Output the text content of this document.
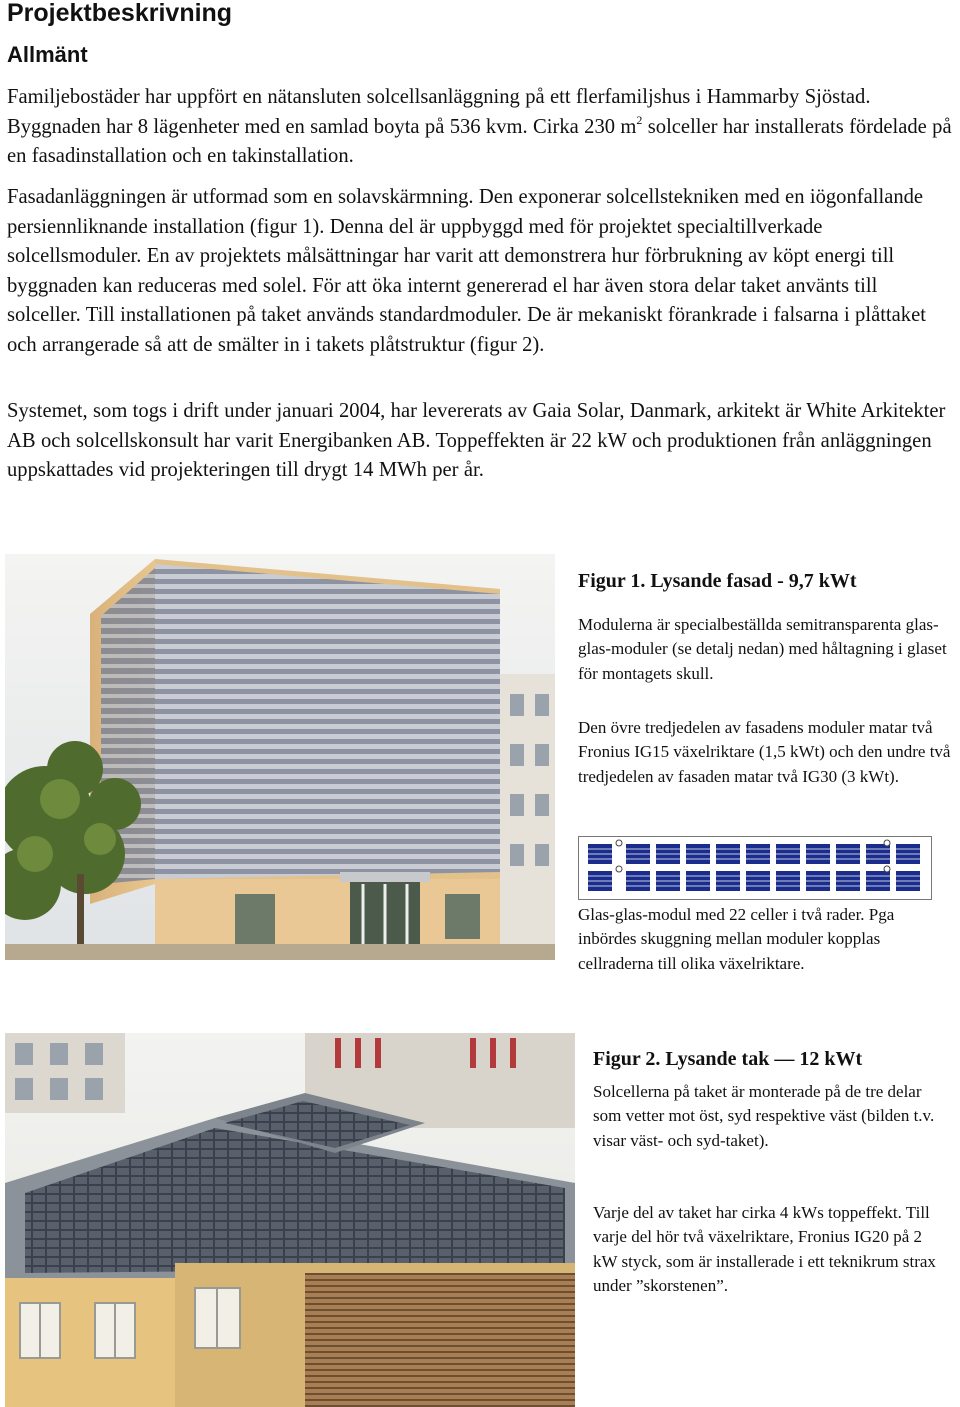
Projektbeskrivning
Allmänt

Familjebostäder har uppfört en nätansluten solcellsanläggning på ett flerfamiljshus i Hammarby Sjöstad. Byggnaden har 8 lägenheter med en samlad boyta på 536 kvm. Cirka 230 $m^2$ solceller har installerats fördelade på en fasadinstallation och en takinstallation.

Fasadanläggningen är utformad som en solavskärmning. Den exponerar solcellstekniken med en iögonfallande persiennliknande installation (figur 1). Denna del är uppbyggd med för projektet specialtillverkade solcellsmoduler. En av projektets målsättningar har varit att demonstrera hur förbrukning av köpt energi till byggnaden kan reduceras med solel. För att öka internt genererad el har även stora delar taket använts till solceller. Till installationen på taket används standardmoduler. De är mekaniskt förankrade i falsarna i plåttaket och arrangerade så att de smälter in i takets plåtstruktur (figur 2).

Systemet, som togs i drift under januari 2004, har levererats av Gaia Solar, Danmark, arkitekt är White Arkitekter AB och solcellskonsult har varit Energibanken AB. Toppeffekten är 22 kW och produktionen från anläggningen uppskattades vid projekteringen till drygt 14 MWh per år.

Figur 1. Lysande fasad - 9,7 kWt

Modulerna är specialbeställda semitransparenta glas-glas-moduler (se detalj nedan) med håltagning i glaset för montagets skull.

Den övre tredjedelen av fasadens moduler matar två Fronius IG15 växelriktare (1,5 kWt) och den undre två tredjedelen av fasaden matar två IG30 (3 kWt).

Glas-glas-modul med 22 celler i två rader. Pga inbördes skuggning mellan moduler kopplas cellraderna till olika växelriktare.

Figur 2. Lysande tak — 12 kWt

Solcellerna på taket är monterade på de tre delar som vetter mot öst, syd respektive väst (bilden t.v. visar väst- och syd-taket).

Varje del av taket har cirka 4 kWs toppeffekt. Till varje del hör två växelriktare, Fronius IG20 på 2 kW styck, som är installerade i ett teknikrum strax under ”skorstenen”.
